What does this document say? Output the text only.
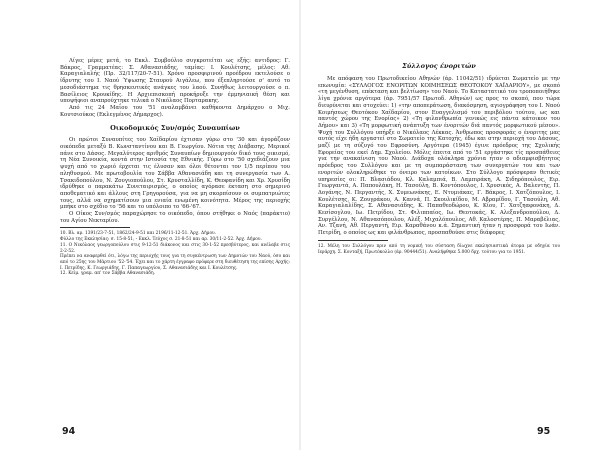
Λίγες μέρες μετά, το Εκκλ. Συμβούλιο συγκροτείται ως εξής: αντιδρος: Γ. Βάκρος, Γραμματέας: Σ. Αθανασιάδης, ταμίας: Ι. Κουλέτσης, μέλος: Αθ. Καραγιαλαλής (Πρ. 32/117/20-7-51). Χρόνο προσφιρινού προέδρου εκτελούσε ο ίδρυτης του Ι. Ναού Ύψωσης Σταυρού Αιγάλεω, που έξεπληρτούσε σ' αυτό το μεσοδιάστημα τις θρησκευτικές ανάγκες του λαού. Συνήθως λειτουργούσε ο π. Βασίλειος Κρουκίδης. Η Αρχιεπισκοπή προκήρυξε την έμμηνιαική θέση και υποψήφιοι αναπρούχτηκε τελικά ο Νικόλαος Πορταρακης.

Από τις 24 Μαΐου του '51 αναλαμβάνει καθήκοντα Δημάρχου ο Μιχ. Κουτσιούκος (Εκλεγμένος Δήμαρχος).

Οικοδομικός Συν/σμός Συναυπίων

Οι πρώτοι Συναυπίτες του Χαϊδαρίου έχτισαν γύρω στο '30 και άγοράζουν οικόπεδα μεταξύ Β. Κωνσταντίνου και Β. Γεωργίου. Νότια της Διάβασης. Μερικοί πάνε στο Δάσος. Μεγαλύτερος αριθμός Συναυπίων δημιουργούν δικό τους οικισμό, τη Νέα Συνοικία, κοντά στην Ιστοσία της Εθνικής. Γύρω στο '50 σχεδιάζουν μια ψυχή από το χωριό έρχεται τις έλυσαν και όλοι θέτονται τον 1/5 περίπου του πληθυσμού. Με πρωτοβουλία του Σάββα Αθανασιάδη και τη συνεργασία των Α. Τσακιδοπούλου, Ν. Ζουγιοπούλου, Στ. Κρυσταλλίδη, Κ. Θεοφανίδη και Χρ. Χρυσίδη ιδρύθηκε ο παρακάτω Συνεταιρισμός, ο οποίος αγόρασε έκταση στο σημερινό αποθεματικό και άλλους στη Γρηγορούσα, για να μη σκορπίσουν οι συμπατριώτες τους, αλλά να σχηματίσουν μια ενιαία ενωμένη κοινότητα. Μέρος της περιοχής μπήκε στο σχέδιο το '56 και το υπόλοιπο το '66-'67.

Ο Οίκος Συν/σμός παραχώρησε το οικόπεδο, όπου στήθηκε ο Ναός (παράκτιο) του Αγίου Νεκταρίου.

10. Βλ. αρ. 1391/23-7-51, 1862/24-9-51 και 2196/11-12-51. Άρχ. Δήμου.

Φύλλο της Εκκλησίας: σ. 15-8-51, - Εκκλ. Τεύχος σ. 21-8-51 και αρ. 30/11-2-52. Άρχ. Δήμου.

11. Ο Νικόλαος γεωργοπούλου στις 9-12-51 διάκονος και στις 30-1-52 πρεσβύτερος, και ανέλαβε στις 2-2-52.

Πρέπει να αναφερθεί ότι, λόγω της περιοχής τους για τη συγκέντρωση των Δημοτών του Ναού, όσο και από το 25ης του Μάρτιου '52-'54. Έχει και το χάρτη έγγραφο πρόφερε στη διευθέτηση της επίσης Αρχής: Ι. Πετρίδης, Κ. Γεωργιάδης, Γ. Παπαγεωργίου, Σ. Αθανασιάδης και Ι. Κουλέτσης.

12. Κείμ. γραμ. απ' τον Σάββα Αθανασιάδη.

94
Σύλλογος ένοριτών

Με απόφαση του Πρωτοδικείου Αθηνών (άρ. 11042/51) ιδρύεται Σωματείο με την επωνυμία: «ΣΥΛΛΟΓΟΣ ΕΝΟΡΙΤΩΝ ΚΟΙΜΗΣΕΩΣ ΘΕΟΤΟΚΟΥ ΧΑΪΔΑΡΙΟΥ», με σκοπό «τη μεγένθυση, επέκταση και βελτίωση» του Ναού. Το Καταστατικό του τροποποιήθηκε λίγα χρόνια αργότερα (άρ. 7951/57 Πρωτοδ. Αθηνών) ως προς το σκοπό, που τώρα διευρύνεται και στοχεύει: 1) «την αποπεράτωση, διακόσμηση, αγιογράφηση του Ι. Ναού Κοιμήσεως Θεοτόκου Χαϊδαρίου, στον Ευαγγελισμό του περιβόλου τούτου, ως και παντός χώρου της Ενορίας» 2) «Τη φιλανθρωπία γενικώς εις πάντα κάτοικον του Δήμου» και 3) «Τη μορφωτική ανάπτυξη των ένοριτών διά παντός μορφωτικού μέσου». Ψυχή του Συλλόγου υπήρξε ο Νικόλαος Λέκκας. Άνθρωπος προσφοράς ο ένοριτης μας αυτός είχε ήδη εργαστεί στο Σωματείο της Κατοχής, έδω και στην περιοχή του Δάσους, μαζί με τη σύζυγό του Εφροσύνη. Αργότερα (1945) έγινε πρόεδρος της Σχολικής Εφορείας του εκεί Δημ. Σχολείου. Μόλις έπειτα από το '51 εργάστηκε τίς προσπάθειες για την ανακαίνιση του Ναού. Διάδοχα ολόκληρα χρόνια ήταν ο αδιαμφισβήτητος πρόεδρος του Συλλόγου και με τη συμπαράσταση των συνεργατών του και των ενοριτών ολοκληρώθηκε το όνειρο των κατοίκων. Στο Σύλλογο πρόσφεραν θετικές υπηρεσίες οι: Π. Βλασιάδου, Κλ. Καλαμπιά, Β. Λαμπιράκη, Α. Σιδηρόπουλος, Ειρ. Γεωργαντά, Α. Παπουλάκη, Η. Τασούλη, Β. Κοντόπουλος, Ι. Χρυσικός, Α. Βαλεντής, Π. Δογάνης, Ν. Περγαντής, Χ. Συμεωνάκης, Ε. Ντυμιάκας, Γ. Βάκρος, Ι. Χατζόπουλος, Ι. Κουλέτσης, Κ. Ζουγράκου, Α. Καννά, Π. Σκουλικίδου, Μ. Αβραμίδου, Γ. Τασούλη, Αθ. Καραγιαλαλίδης, Σ. Αθανασιάδης, Κ. Παπαθεοδώρου, Κ. Κίου, Γ. Χατζηαφονάκη, Δ. Κεσίσογλου, Ιω. Πετρίδου, Στ. Φιλιππαίος, Ιω. Θεοτοκάς, Κ. Αλεξανδροπούλου, Δ. Συργέλλου, Ν. Αθανασόπουλου, Αλέξ. Μιχαλόπουλος, Αθ. Καλοστέρης, Π. Μαραβέλιας, Αν. Τζανή, Αθ. Περγαντή, Ειρ. Καραθάνου κ.ά. Σημαντική ήταν η προσφορά του Ιωάν. Πετρίδη, ο οποίος ως και φιλάνθρωπος, προσπαθούσε στις διάφορες

12. Μέλη του Συλλόγου πριν από τη νομική του σύσταση δίωχνε εκκλησιαστικά άτομα με οδηγία του Ιεράρχη. Σ. Κονταξή, Πρωτόκολλο (άρ. 90444/51). Αναλήφθηκε 5.000 δρχ. τούτου για το 1951.

95
